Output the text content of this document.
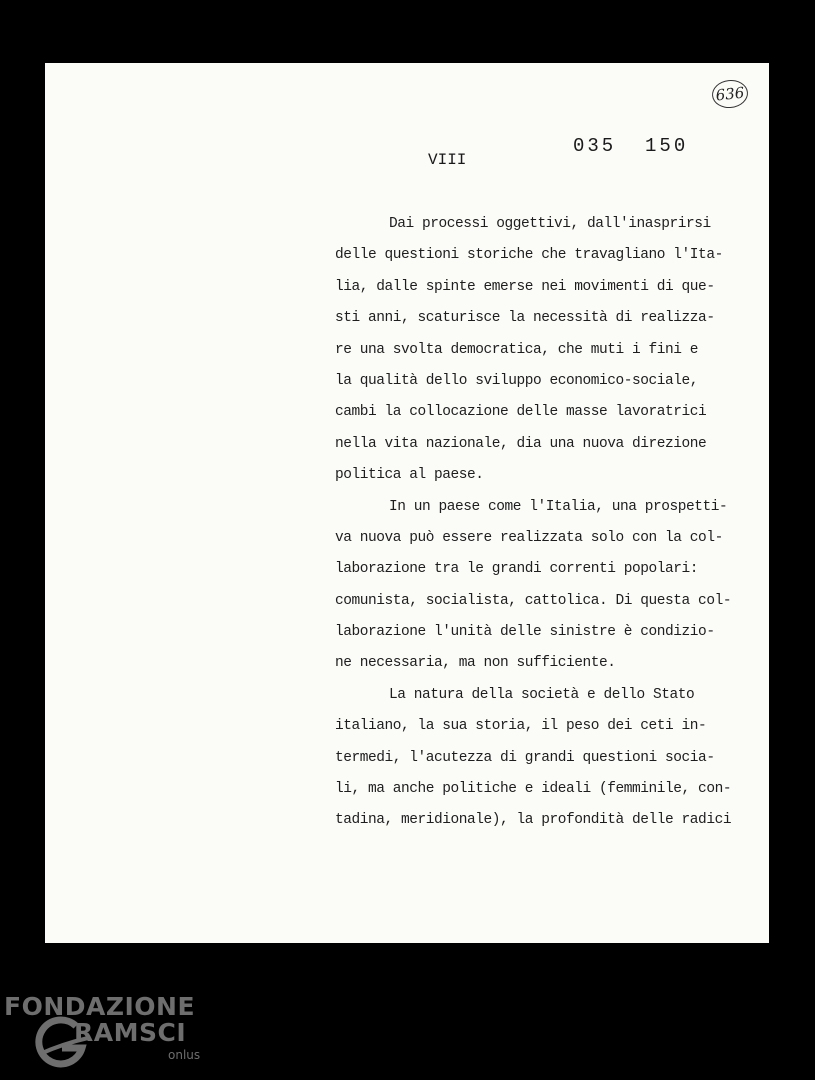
636
035  150
VIII
Dai processi oggettivi, dall'inasprirsi
delle questioni storiche che travagliano l'Ita-
lia, dalle spinte emerse nei movimenti di que-
sti anni, scaturisce la necessità di realizza-
re una svolta democratica, che muti i fini e
la qualità dello sviluppo economico-sociale,
cambi la collocazione delle masse lavoratrici
nella vita nazionale, dia una nuova direzione
politica al paese.
In un paese come l'Italia, una prospetti-
va nuova può essere realizzata solo con la col-
laborazione tra le grandi correnti popolari:
comunista, socialista, cattolica. Di questa col-
laborazione l'unità delle sinistre è condizio-
ne necessaria, ma non sufficiente.
La natura della società e dello Stato
italiano, la sua storia, il peso dei ceti in-
termedi, l'acutezza di grandi questioni socia-
li, ma anche politiche e ideali (femminile, con-
tadina, meridionale), la profondità delle radici
FONDAZIONE
RAMSCI
onlus
